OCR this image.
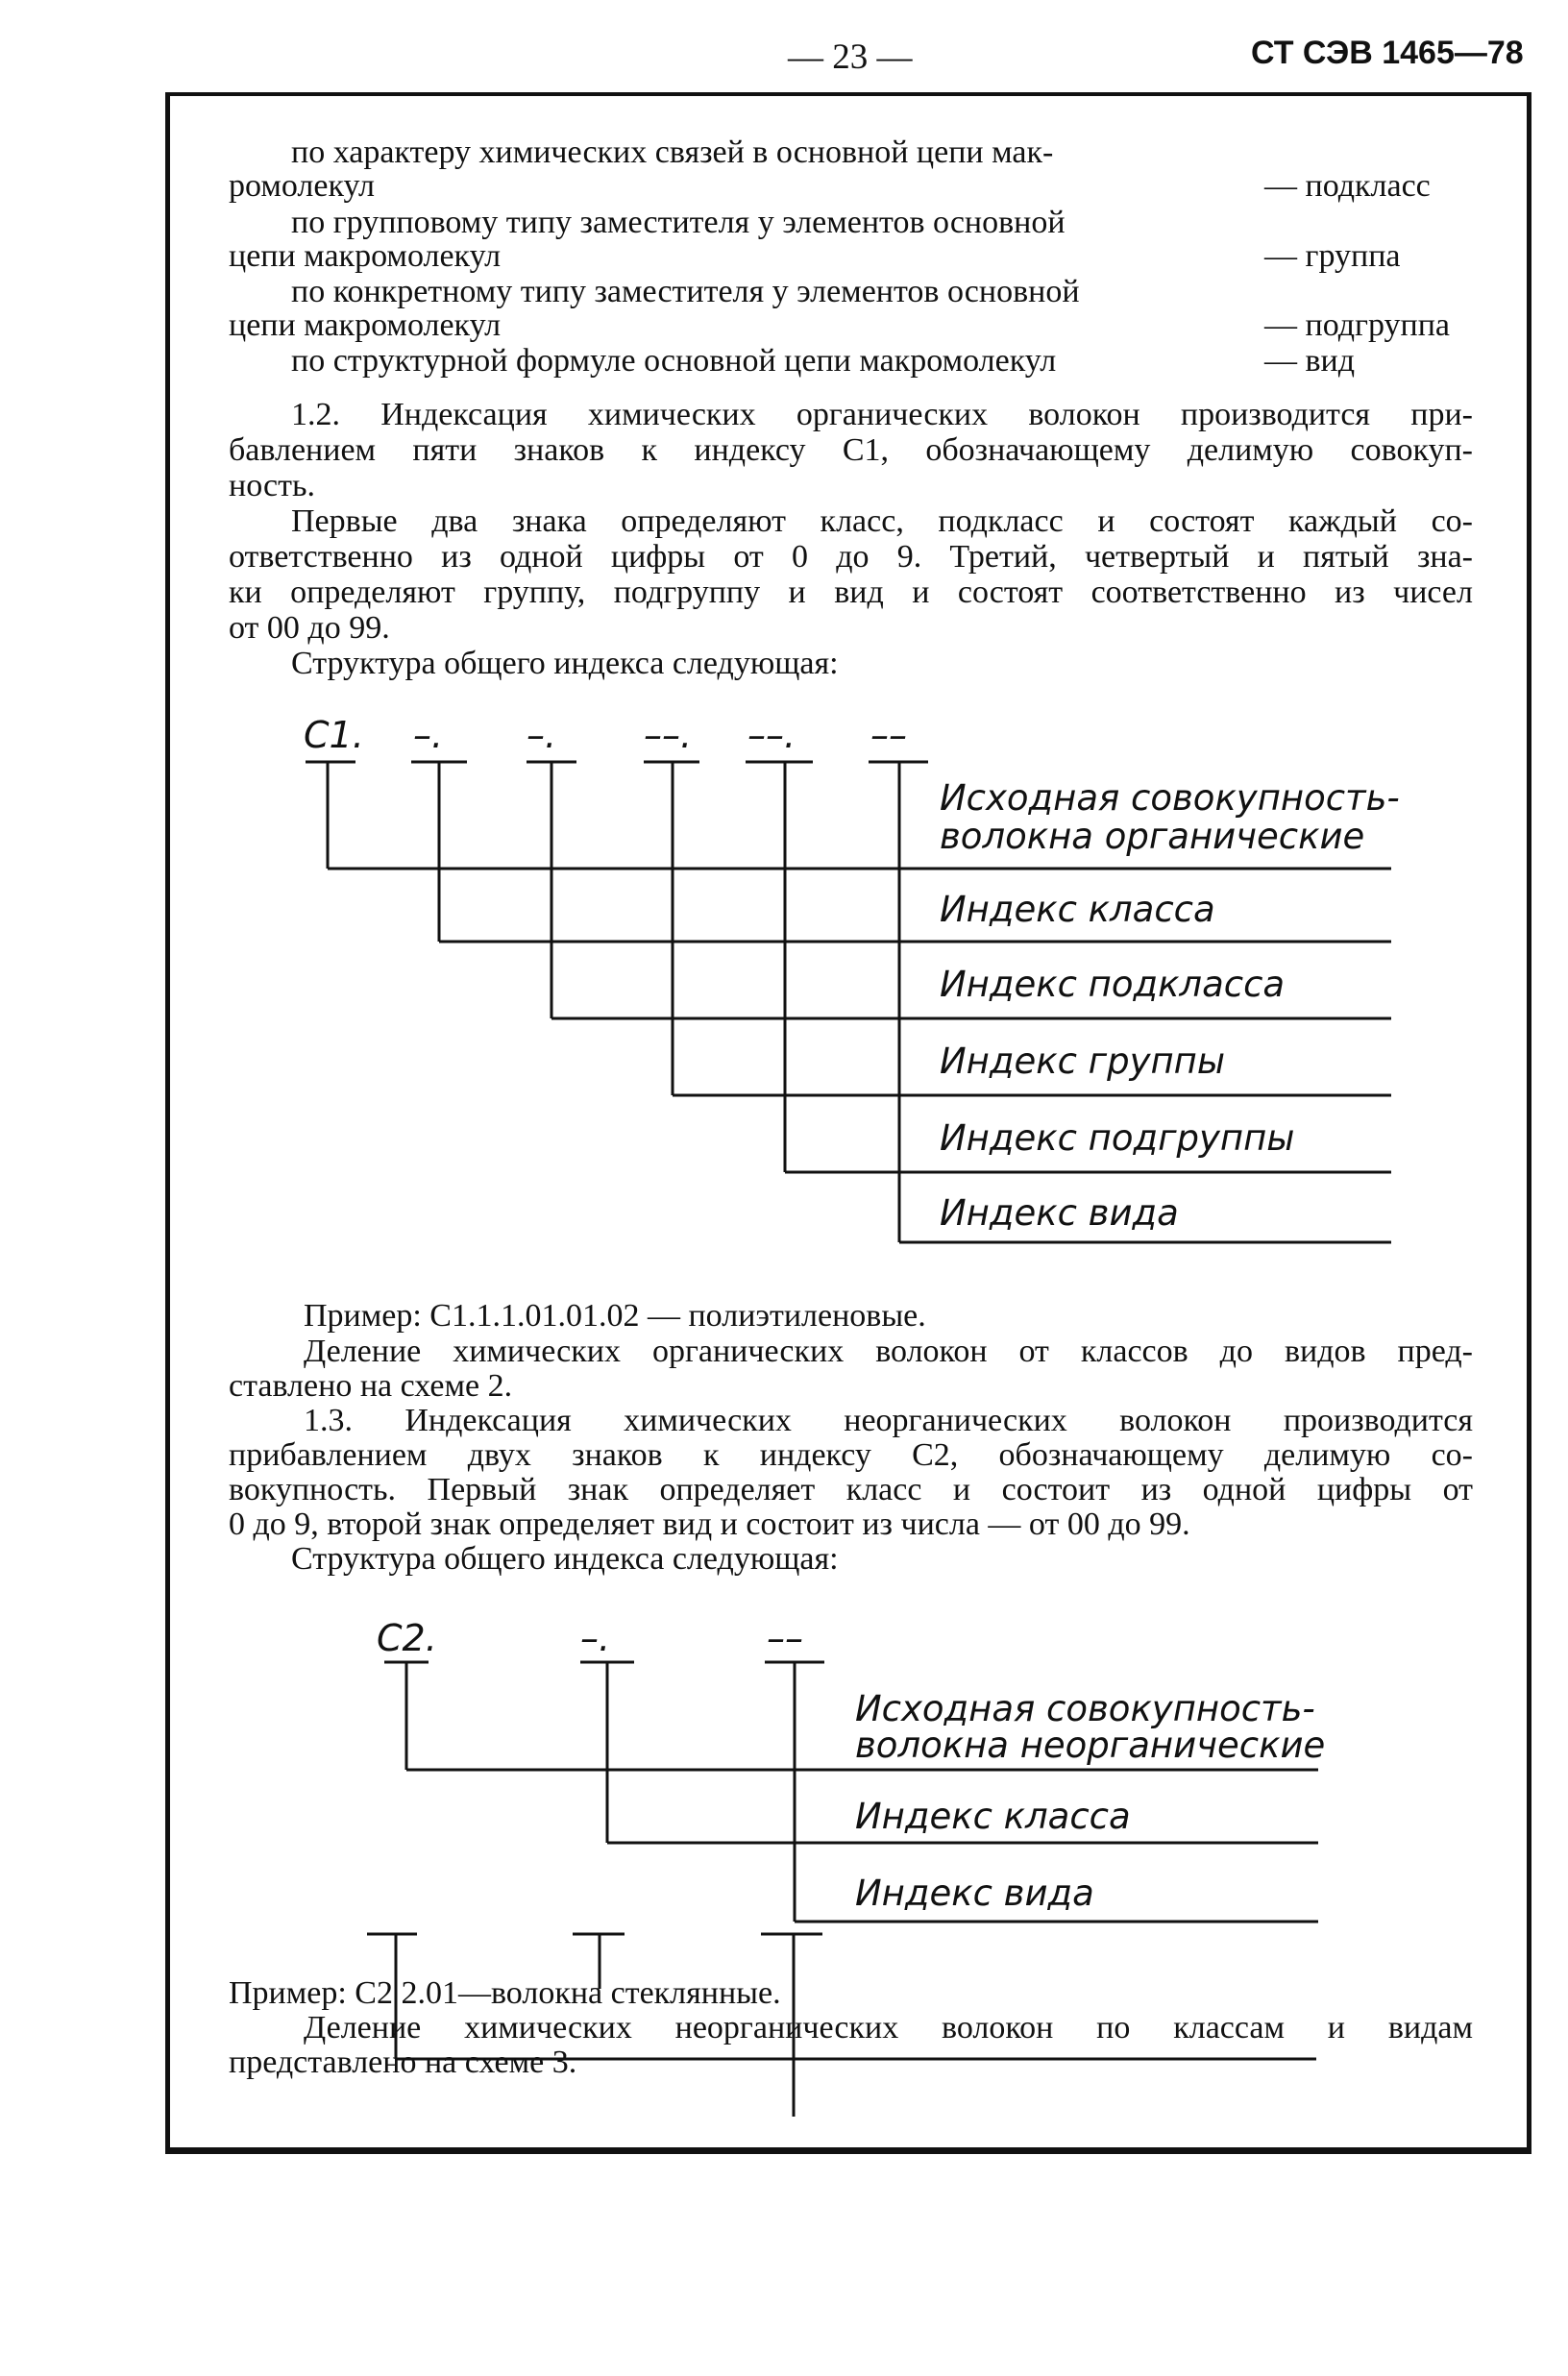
— 23 —	СТ СЭВ 1465—78
по характеру химических связей в основной цепи мак-
ромолекул	— подкласс
по групповому типу заместителя у элементов основной
цепи макромолекул	— группа
по конкретному типу заместителя у элементов основной
цепи макромолекул	— подгруппа
по структурной формуле основной цепи макромолекул	— вид
1.2. Индексация химических органических волокон производится при-
бавлением пяти знаков к индексу С1, обозначающему делимую совокуп-
ность.
Первые два знака определяют класс, подкласс и состоят каждый со-
ответственно из одной цифры от 0 до 9. Третий, четвертый и пятый зна-
ки определяют группу, подгруппу и вид и состоят соответственно из чисел
от 00 до 99.
Структура общего индекса следующая:
С1. –. –. ––. ––. ––
Исходная совокупность-
волокна органические
Индекс класса
Индекс подкласса
Индекс группы
Индекс подгруппы
Индекс вида
Пример: С1.1.1.01.01.02 — полиэтиленовые.
Деление химических органических волокон от классов до видов пред-
ставлено на схеме 2.
1.3. Индексация химических неорганических волокон производится
прибавлением двух знаков к индексу С2, обозначающему делимую со-
вокупность. Первый знак определяет класс и состоит из одной цифры от
0 до 9, второй знак определяет вид и состоит из числа — от 00 до 99.
Структура общего индекса следующая:
С2.	–.	––
Исходная совокупность-
волокна неорганические
Индекс класса
Индекс вида
Пример: С2 2.01—волокна стеклянные.
Деление химических неорганических волокон по классам и видам
представлено на схеме 3.
